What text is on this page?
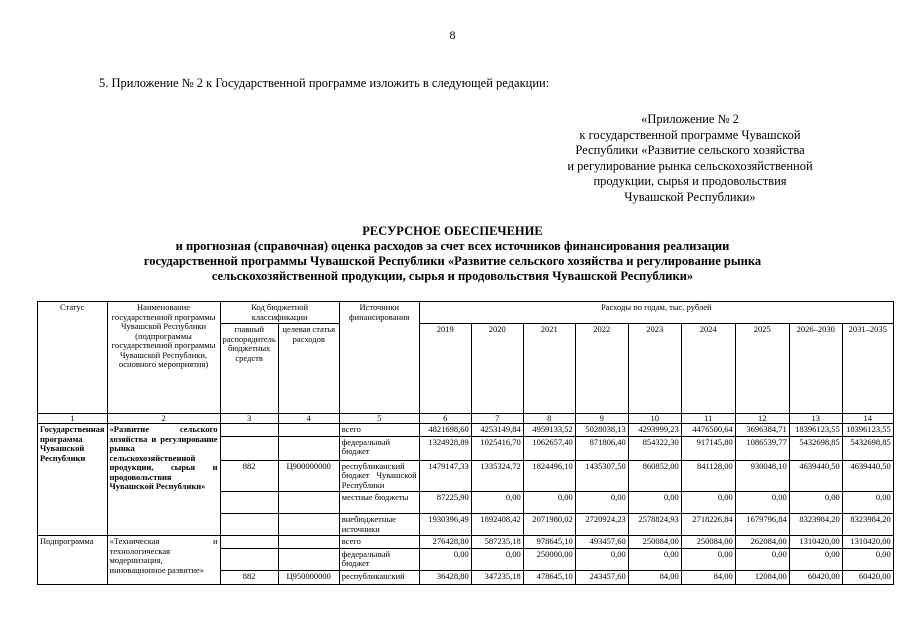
8
5. Приложение № 2 к Государственной программе изложить в следующей редакции:
«Приложение № 2
к государственной программе Чувашской
Республики «Развитие сельского хозяйства
и регулирование рынка сельскохозяйственной
продукции, сырья и продовольствия
Чувашской Республики»
РЕСУРСНОЕ ОБЕСПЕЧЕНИЕ
и прогнозная (справочная) оценка расходов за счет всех источников финансирования реализации
государственной программы Чувашской Республики «Развитие сельского хозяйства и регулирование рынка
сельскохозяйственной продукции, сырья и продовольствия Чувашской Республики»
Статус	Наименование государственной программы Чувашской Республики (подпрограммы государственной программы Чувашской Республики, основного мероприятия)	Код бюджетной классификации		Источники финансирования	Расходы по годам, тыс. рублей								
		главный распорядитель бюджетных средств	целевая статья расходов		2019	2020	2021	2022	2023	2024	2025	2026–2030	2031–2035
1	2	3	4	5	6	7	8	9	10	11	12	13	14
Государственная программа Чувашской Республики	«Развитие сельского хозяйства и регулирование рынка сельскохозяйственной продукции, сырья и продовольствия Чувашской Республики»			всего	4821698,60	4253149,84	4959133,52	5028038,13	4293999,23	4476500,64	3696384,71	18396123,55	18396123,55
				федеральный бюджет	1324928,89	1025416,70	1062657,40	871806,40	854322,30	917145,80	1086539,77	5432698,85	5432698,85
		882	Ц900000000	республиканский бюджет Чувашской Республики	1479147,33	1335324,72	1824496,10	1435307,50	860852,00	841128,00	930048,10	4639440,50	4639440,50
				местные бюджеты	87225,90	0,00	0,00	0,00	0,00	0,00	0,00	0,00	0,00
				внебюджетные источники	1930396,49	1892408,42	2071980,02	2720924,23	2578824,93	2718226,84	1679796,84	8323984,20	8323984,20
Подпрограмма	«Техническая и технологическая модернизация, инновационное развитие»			всего	276428,80	587235,18	978645,10	493457,60	250084,00	250084,00	262084,00	1310420,00	1310420,00
				федеральный бюджет	0,00	0,00	250000,00	0,00	0,00	0,00	0,00	0,00	0,00
		882	Ц950000000	республиканский	36428,80	347235,18	478645,10	243457,60	84,00	84,00	12084,00	60420,00	60420,00
